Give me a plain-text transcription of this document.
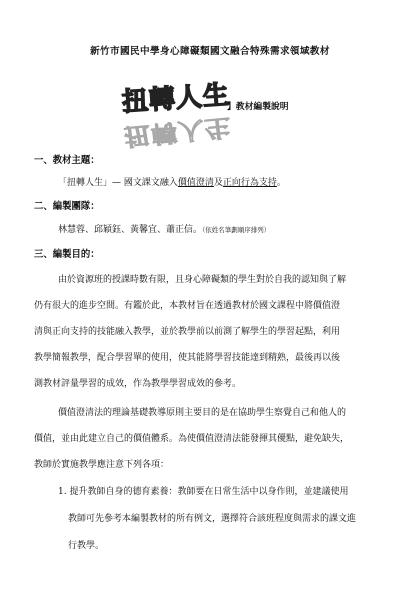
新竹市國民中學身心障礙類國文融合特殊需求領域教材
扭轉人生
扭轉人生
】教材編製說明
一、教材主題：
「扭轉人生」— 國文課文融入價值澄清及正向行為支持。
二、編製團隊：
林慧蓉、邱穎鈺、黃馨宜、蕭正信。（依姓名筆劃順序排列）
三、編製目的：
由於資源班的授課時數有限，且身心障礙類的學生對於自我的認知與了解
仍有很大的進步空間。有鑑於此，本教材旨在透過教材於國文課程中將價值澄
清與正向支持的技能融入教學，並於教學前以前測了解學生的學習起點，利用
教學簡報教學，配合學習單的使用，使其能將學習技能達到精熟，最後再以後
測教材評量學習的成效，作為教學學習成效的參考。
價值澄清法的理論基礎教導原則主要目的是在協助學生察覺自己和他人的
價值，並由此建立自己的價值體系。為使價值澄清法能發揮其優點，避免缺失，
教師於實施教學應注意下列各項：
1. 提升教師自身的德育素養：教師要在日常生活中以身作則，並建議使用
教師可先參考本編製教材的所有例文，選擇符合該班程度與需求的課文進
行教學。
